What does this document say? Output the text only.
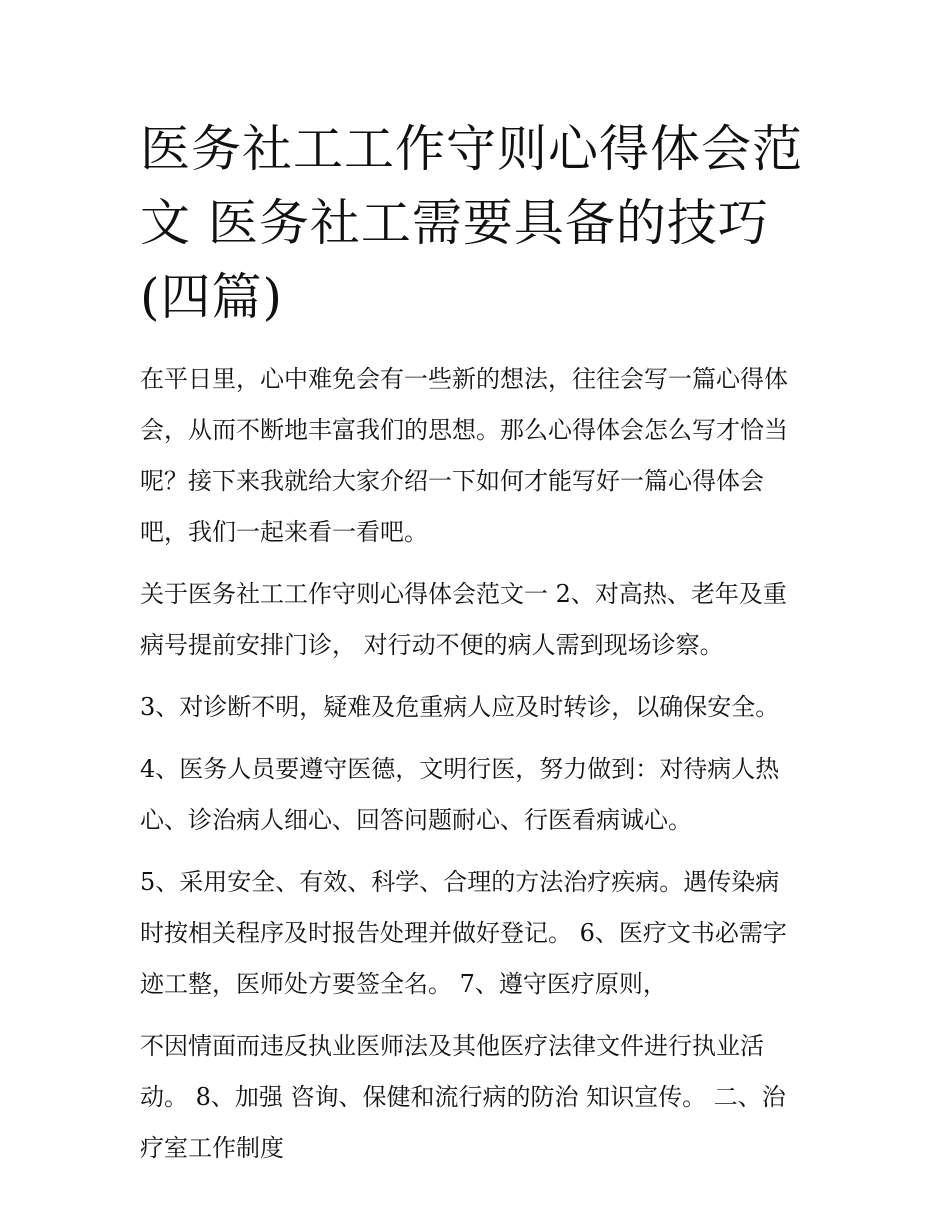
医务社工工作守则心得体会范
文 医务社工需要具备的技巧
(四篇)

在平日里，心中难免会有一些新的想法，往往会写一篇心得体
会，从而不断地丰富我们的思想。那么心得体会怎么写才恰当
呢？接下来我就给大家介绍一下如何才能写好一篇心得体会
吧，我们一起来看一看吧。

关于医务社工工作守则心得体会范文一 2、对高热、老年及重
病号提前安排门诊， 对行动不便的病人需到现场诊察。

3、对诊断不明，疑难及危重病人应及时转诊，以确保安全。

4、医务人员要遵守医德，文明行医，努力做到：对待病人热
心、诊治病人细心、回答问题耐心、行医看病诚心。

5、采用安全、有效、科学、合理的方法治疗疾病。遇传染病
时按相关程序及时报告处理并做好登记。 6、医疗文书必需字
迹工整，医师处方要签全名。 7、遵守医疗原则，

不因情面而违反执业医师法及其他医疗法律文件进行执业活
动。 8、加强 咨询、保健和流行病的防治 知识宣传。 二、治
疗室工作制度
